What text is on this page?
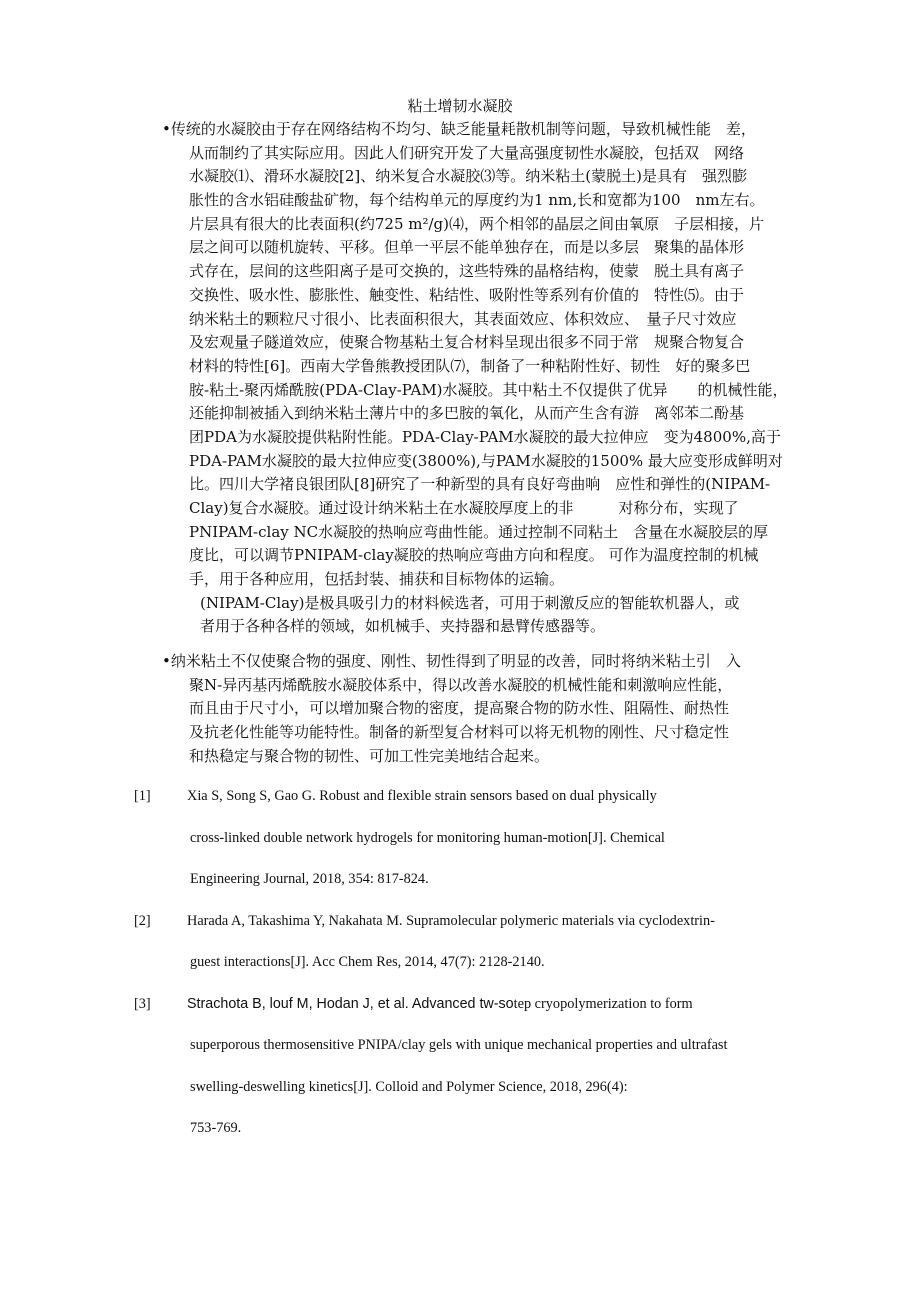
粘土增韧水凝胶
•传统的水凝胶由于存在网络结构不均匀、缺乏能量耗散机制等问题，导致机械性能　差，
从而制约了其实际应用。因此人们研究开发了大量高强度韧性水凝胶，包括双　网络
水凝胶⑴、滑环水凝胶[2]、纳米复合水凝胶⑶等。纳米粘土(蒙脱土)是具有　强烈膨
胀性的含水铝硅酸盐矿物，每个结构单元的厚度约为1 nm,长和宽都为100　nm左右。
片层具有很大的比表面积(约725 m²/g)⑷，两个相邻的晶层之间由氧原　子层相接，片
层之间可以随机旋转、平移。但单一平层不能单独存在，而是以多层　聚集的晶体形
式存在，层间的这些阳离子是可交换的，这些特殊的晶格结构，使蒙　脱土具有离子
交换性、吸水性、膨胀性、触变性、粘结性、吸附性等系列有价值的　特性⑸。由于
纳米粘土的颗粒尺寸很小、比表面积很大，其表面效应、体积效应、　量子尺寸效应
及宏观量子隧道效应，使聚合物基粘土复合材料呈现出很多不同于常　规聚合物复合
材料的特性[6]。西南大学鲁熊教授团队⑺，制备了一种粘附性好、韧性　好的聚多巴
胺-粘土-聚丙烯酰胺(PDA-Clay-PAM)水凝胶。其中粘土不仅提供了优异　　的机械性能，
还能抑制被插入到纳米粘土薄片中的多巴胺的氧化，从而产生含有游　离邻苯二酚基
团PDA为水凝胶提供粘附性能。PDA-Clay-PAM水凝胶的最大拉伸应　变为4800%,高于
PDA-PAM水凝胶的最大拉伸应变(3800%),与PAM水凝胶的1500% 最大应变形成鲜明对
比。四川大学褚良银团队[8]研究了一种新型的具有良好弯曲响　应性和弹性的(NIPAM-
Clay)复合水凝胶。通过设计纳米粘土在水凝胶厚度上的非　　　对称分布，实现了
PNIPAM-clay NC水凝胶的热响应弯曲性能。通过控制不同粘土　含量在水凝胶层的厚
度比，可以调节PNIPAM-clay凝胶的热响应弯曲方向和程度。 可作为温度控制的机械
手，用于各种应用，包括封装、捕获和目标物体的运输。
(NIPAM-Clay)是极具吸引力的材料候选者，可用于刺激反应的智能软机器人，或
者用于各种各样的领域，如机械手、夹持器和悬臂传感器等。
•纳米粘土不仅使聚合物的强度、刚性、韧性得到了明显的改善，同时将纳米粘土引　入
聚N-异丙基丙烯酰胺水凝胶体系中，得以改善水凝胶的机械性能和刺激响应性能，
而且由于尺寸小，可以增加聚合物的密度，提高聚合物的防水性、阻隔性、耐热性
及抗老化性能等功能特性。制备的新型复合材料可以将无机物的刚性、尺寸稳定性
和热稳定与聚合物的韧性、可加工性完美地结合起来。
[1]	Xia S, Song S, Gao G. Robust and flexible strain sensors based on dual physically
cross-linked double network hydrogels for monitoring human-motion[J]. Chemical
Engineering Journal, 2018, 354: 817-824.
[2]	Harada A, Takashima Y, Nakahata M. Supramolecular polymeric materials via cyclodextrin-
guest interactions[J]. Acc Chem Res, 2014, 47(7): 2128-2140.
[3]	Strachota B, louf M, Hodan J, et al. Advanced tw-sotep cryopolymerization to form
superporous thermosensitive PNIPA/clay gels with unique mechanical properties and ultrafast
swelling-deswelling kinetics[J]. Colloid and Polymer Science, 2018, 296(4):
753-769.
